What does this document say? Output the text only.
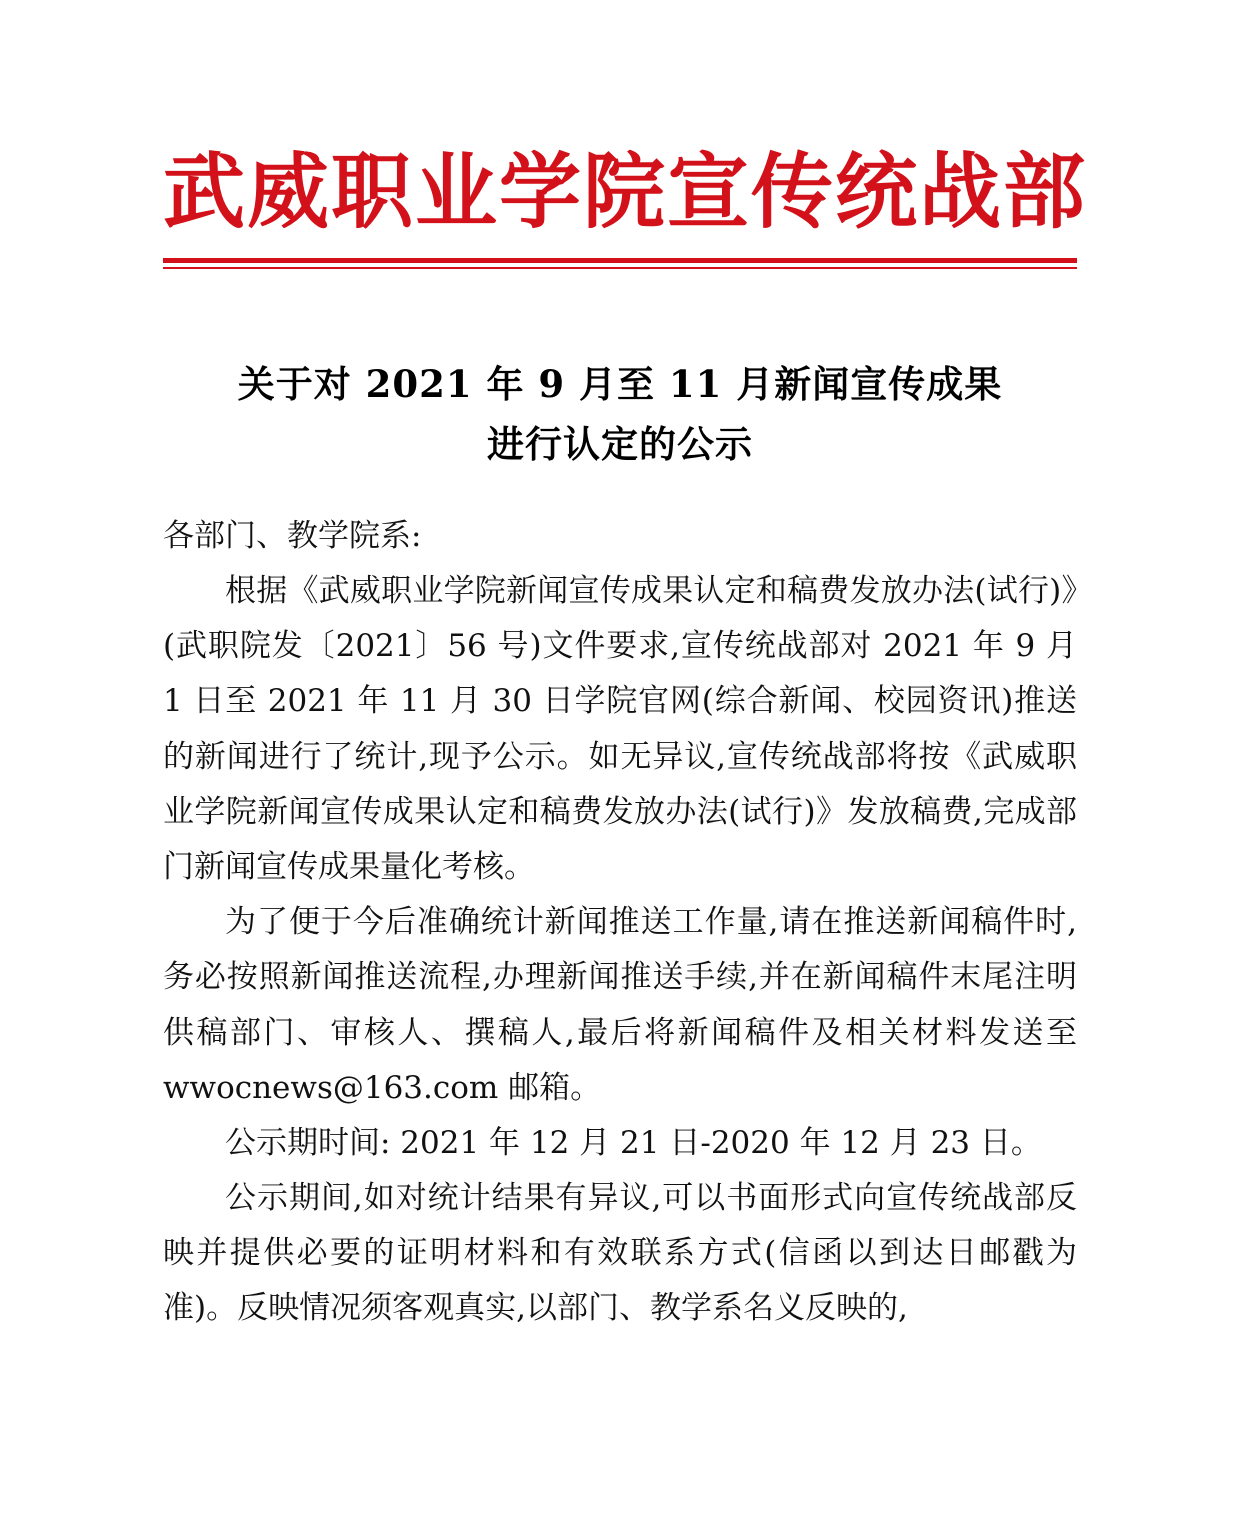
武威职业学院宣传统战部
关于对 2021 年 9 月至 11 月新闻宣传成果
进行认定的公示

各部门、教学院系:

根据《武威职业学院新闻宣传成果认定和稿费发放办法(试行)》(武职院发〔2021〕56 号)文件要求,宣传统战部对 2021 年 9 月 1 日至 2021 年 11 月 30 日学院官网(综合新闻、校园资讯)推送的新闻进行了统计,现予公示。如无异议,宣传统战部将按《武威职业学院新闻宣传成果认定和稿费发放办法(试行)》发放稿费,完成部门新闻宣传成果量化考核。

为了便于今后准确统计新闻推送工作量,请在推送新闻稿件时,务必按照新闻推送流程,办理新闻推送手续,并在新闻稿件末尾注明供稿部门、审核人、撰稿人,最后将新闻稿件及相关材料发送至 wwocnews@163.com 邮箱。

公示期时间: 2021 年 12 月 21 日-2020 年 12 月 23 日。

公示期间,如对统计结果有异议,可以书面形式向宣传统战部反映并提供必要的证明材料和有效联系方式(信函以到达日邮戳为准)。反映情况须客观真实,以部门、教学系名义反映的,
